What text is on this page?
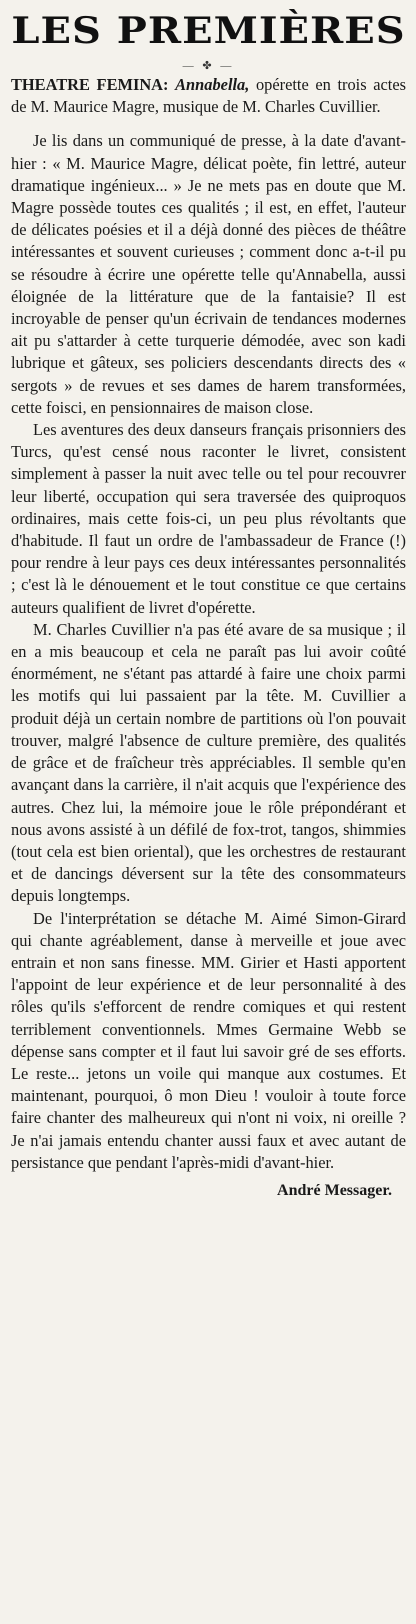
LES PREMIÈRES
— ✤ —

THEATRE FEMINA: Annabella, opérette en trois actes de M. Maurice Magre, musique de M. Charles Cuvillier.

Je lis dans un communiqué de presse, à la date d'avant-hier : « M. Maurice Magre, délicat poète, fin lettré, auteur dramatique ingénieux... » Je ne mets pas en doute que M. Magre possède toutes ces qualités ; il est, en effet, l'auteur de délicates poésies et il a déjà donné des pièces de théâtre intéressantes et souvent curieuses ; comment donc a-t-il pu se résoudre à écrire une opérette telle qu'Annabella, aussi éloignée de la littérature que de la fantaisie? Il est incroyable de penser qu'un écrivain de tendances modernes ait pu s'attarder à cette turquerie démodée, avec son kadi lubrique et gâteux, ses policiers descendants directs des « sergots » de revues et ses dames de harem transformées, cette foisci, en pensionnaires de maison close.

Les aventures des deux danseurs français prisonniers des Turcs, qu'est censé nous raconter le livret, consistent simplement à passer la nuit avec telle ou tel pour recouvrer leur liberté, occupation qui sera traversée des quiproquos ordinaires, mais cette fois-ci, un peu plus révoltants que d'habitude. Il faut un ordre de l'ambassadeur de France (!) pour rendre à leur pays ces deux intéressantes personnalités ; c'est là le dénouement et le tout constitue ce que certains auteurs qualifient de livret d'opérette.

M. Charles Cuvillier n'a pas été avare de sa musique ; il en a mis beaucoup et cela ne paraît pas lui avoir coûté énormément, ne s'étant pas attardé à faire une choix parmi les motifs qui lui passaient par la tête. M. Cuvillier a produit déjà un certain nombre de partitions où l'on pouvait trouver, malgré l'absence de culture première, des qualités de grâce et de fraîcheur très appréciables. Il semble qu'en avançant dans la carrière, il n'ait acquis que l'expérience des autres. Chez lui, la mémoire joue le rôle prépondérant et nous avons assisté à un défilé de fox-trot, tangos, shimmies (tout cela est bien oriental), que les orchestres de restaurant et de dancings déversent sur la tête des consommateurs depuis longtemps.

De l'interprétation se détache M. Aimé Simon-Girard qui chante agréablement, danse à merveille et joue avec entrain et non sans finesse. MM. Girier et Hasti apportent l'appoint de leur expérience et de leur personnalité à des rôles qu'ils s'efforcent de rendre comiques et qui restent terriblement conventionnels. Mmes Germaine Webb se dépense sans compter et il faut lui savoir gré de ses efforts. Le reste... jetons un voile qui manque aux costumes. Et maintenant, pourquoi, ô mon Dieu ! vouloir à toute force faire chanter des malheureux qui n'ont ni voix, ni oreille ? Je n'ai jamais entendu chanter aussi faux et avec autant de persistance que pendant l'après-midi d'avant-hier.

André Messager.
